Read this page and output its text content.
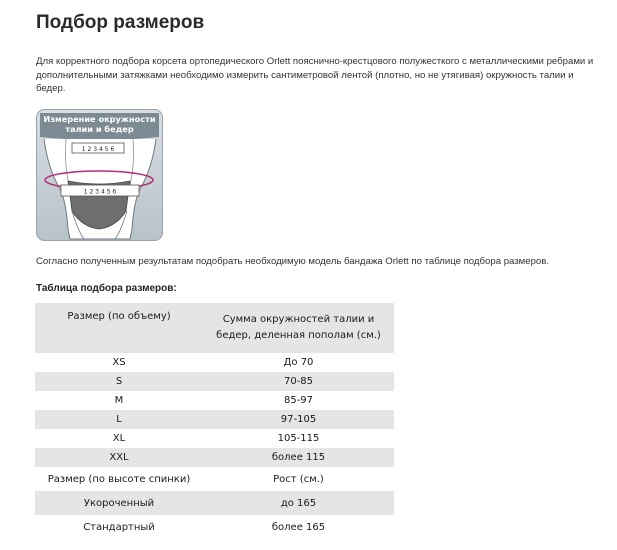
Подбор размеров
Для корректного подбора корсета ортопедического Orlett пояснично-крестцового полужесткого с металлическими ребрами и дополнительными затяжками необходимо измерить сантиметровой лентой (плотно, но не утягивая) окружность талии и бедер.
Измерение окружности
талии и бедер
1 2 3 4 5 6
1 2 3 4 5 6
Согласно полученным результатам подобрать необходимую модель бандажа Orlett по таблице подбора размеров.
Таблица подбора размеров:
Размер (по объему)	Сумма окружностей талии и
бедер, деленная пополам (см.)
XS	До 70
S	70-85
M	85-97
L	97-105
XL	105-115
XXL	более 115
Размер (по высоте спинки)	Рост (см.)
Укороченный	до 165
Стандартный	более 165
